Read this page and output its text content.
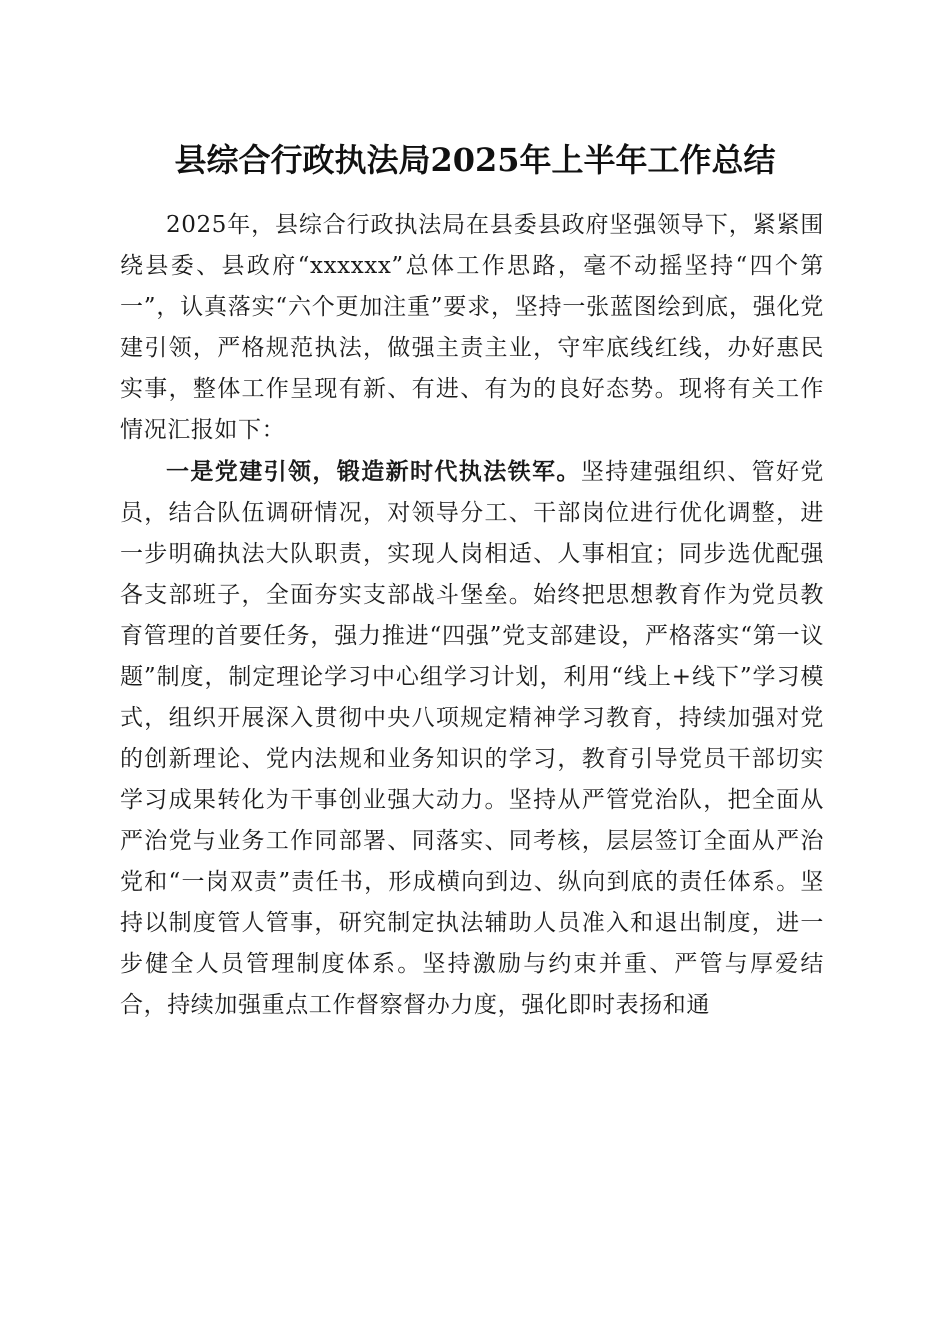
县综合行政执法局2025年上半年工作总结

2025年，县综合行政执法局在县委县政府坚强领导下，紧紧围绕县委、县政府“xxxxxx”总体工作思路，毫不动摇坚持“四个第一”，认真落实“六个更加注重”要求，坚持一张蓝图绘到底，强化党建引领，严格规范执法，做强主责主业，守牢底线红线，办好惠民实事，整体工作呈现有新、有进、有为的良好态势。现将有关工作情况汇报如下：

一是党建引领，锻造新时代执法铁军。坚持建强组织、管好党员，结合队伍调研情况，对领导分工、干部岗位进行优化调整，进一步明确执法大队职责，实现人岗相适、人事相宜；同步选优配强各支部班子，全面夯实支部战斗堡垒。始终把思想教育作为党员教育管理的首要任务，强力推进“四强”党支部建设，严格落实“第一议题”制度，制定理论学习中心组学习计划，利用“线上+线下”学习模式，组织开展深入贯彻中央八项规定精神学习教育，持续加强对党的创新理论、党内法规和业务知识的学习，教育引导党员干部切实学习成果转化为干事创业强大动力。坚持从严管党治队，把全面从严治党与业务工作同部署、同落实、同考核，层层签订全面从严治党和“一岗双责”责任书，形成横向到边、纵向到底的责任体系。坚持以制度管人管事，研究制定执法辅助人员准入和退出制度，进一步健全人员管理制度体系。坚持激励与约束并重、严管与厚爱结合，持续加强重点工作督察督办力度，强化即时表扬和通
